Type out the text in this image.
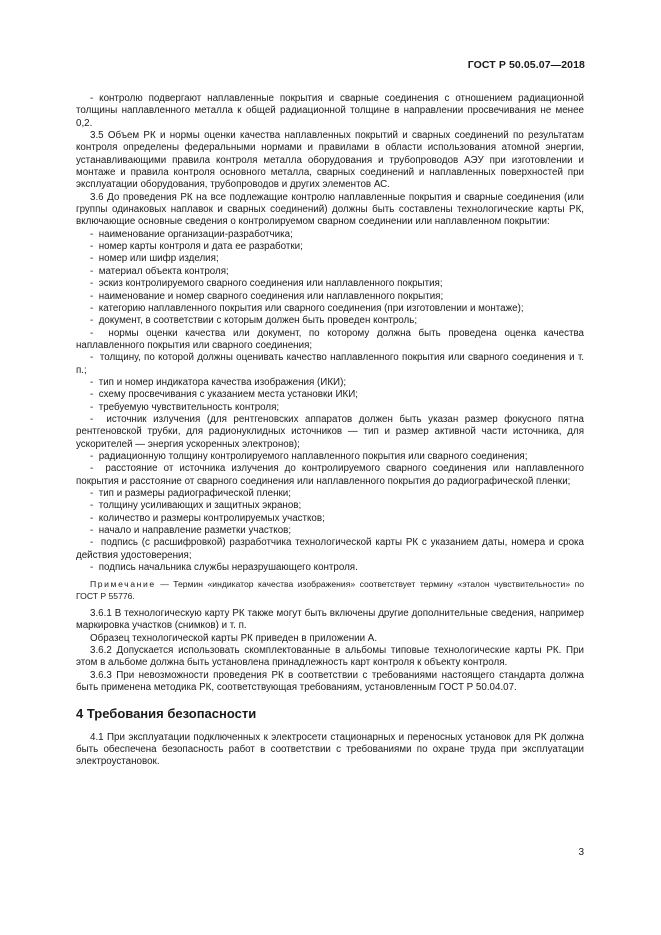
ГОСТ Р 50.05.07—2018

- контролю подвергают наплавленные покрытия и сварные соединения с отношением радиационной толщины наплавленного металла к общей радиационной толщине в направлении просвечивания не менее 0,2.

3.5 Объем РК и нормы оценки качества наплавленных покрытий и сварных соединений по результатам контроля определены федеральными нормами и правилами в области использования атомной энергии, устанавливающими правила контроля металла оборудования и трубопроводов АЭУ при изготовлении и монтаже и правила контроля основного металла, сварных соединений и наплавленных поверхностей при эксплуатации оборудования, трубопроводов и других элементов АС.

3.6 До проведения РК на все подлежащие контролю наплавленные покрытия и сварные соединения (или группы одинаковых наплавок и сварных соединений) должны быть составлены технологические карты РК, включающие основные сведения о контролируемом сварном соединении или наплавленном покрытии:

- наименование организации-разработчика;

- номер карты контроля и дата ее разработки;

- номер или шифр изделия;

- материал объекта контроля;

- эскиз контролируемого сварного соединения или наплавленного покрытия;

- наименование и номер сварного соединения или наплавленного покрытия;

- категорию наплавленного покрытия или сварного соединения (при изготовлении и монтаже);

- документ, в соответствии с которым должен быть проведен контроль;

- нормы оценки качества или документ, по которому должна быть проведена оценка качества наплавленного покрытия или сварного соединения;

- толщину, по которой должны оценивать качество наплавленного покрытия или сварного соединения и т. п.;

- тип и номер индикатора качества изображения (ИКИ);

- схему просвечивания с указанием места установки ИКИ;

- требуемую чувствительность контроля;

- источник излучения (для рентгеновских аппаратов должен быть указан размер фокусного пятна рентгеновской трубки, для радионуклидных источников — тип и размер активной части источника, для ускорителей — энергия ускоренных электронов);

- радиационную толщину контролируемого наплавленного покрытия или сварного соединения;

- расстояние от источника излучения до контролируемого сварного соединения или наплавленного покрытия и расстояние от сварного соединения или наплавленного покрытия до радиографической пленки;

- тип и размеры радиографической пленки;

- толщину усиливающих и защитных экранов;

- количество и размеры контролируемых участков;

- начало и направление разметки участков;

- подпись (с расшифровкой) разработчика технологической карты РК с указанием даты, номера и срока действия удостоверения;

- подпись начальника службы неразрушающего контроля.

Примечание — Термин «индикатор качества изображения» соответствует термину «эталон чувствительности» по ГОСТ Р 55776.

3.6.1 В технологическую карту РК также могут быть включены другие дополнительные сведения, например маркировка участков (снимков) и т. п.

Образец технологической карты РК приведен в приложении А.

3.6.2 Допускается использовать скомплектованные в альбомы типовые технологические карты РК. При этом в альбоме должна быть установлена принадлежность карт контроля к объекту контроля.

3.6.3 При невозможности проведения РК в соответствии с требованиями настоящего стандарта должна быть применена методика РК, соответствующая требованиям, установленным ГОСТ Р 50.04.07.

4 Требования безопасности

4.1 При эксплуатации подключенных к электросети стационарных и переносных установок для РК должна быть обеспечена безопасность работ в соответствии с требованиями по охране труда при эксплуатации электроустановок.

3
